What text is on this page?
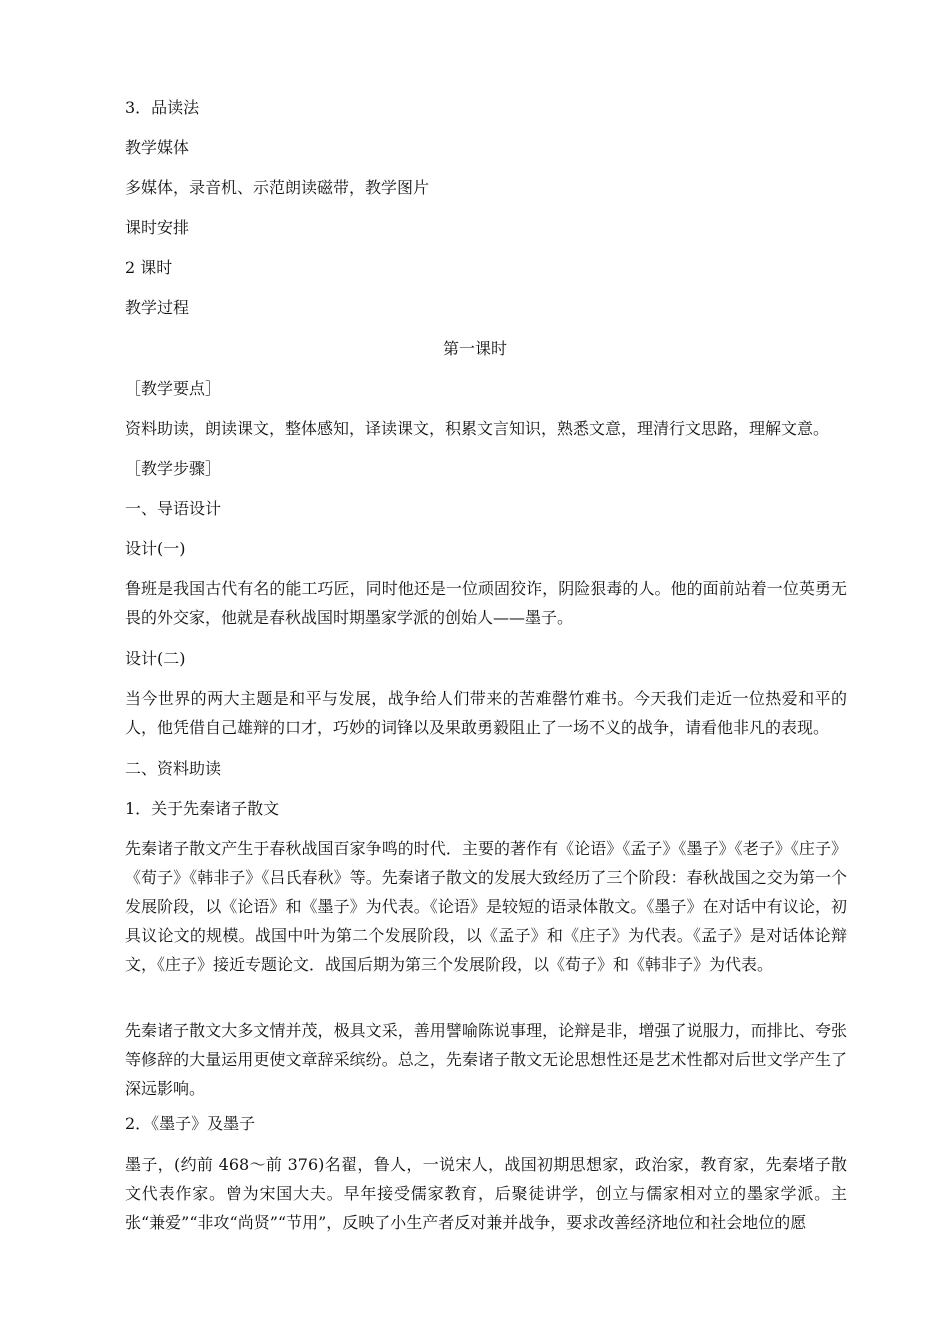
3．品读法
教学媒体
多媒体，录音机、示范朗读磁带，教学图片
课时安排
2 课时
教学过程
第一课时
［教学要点］
资料助读，朗读课文，整体感知，译读课文，积累文言知识，熟悉文意，理清行文思路，理解文意。
［教学步骤］
一、导语设计
设计(一)
鲁班是我国古代有名的能工巧匠，同时他还是一位顽固狡诈，阴险狠毒的人。他的面前站着一位英勇无畏的外交家，他就是春秋战国时期墨家学派的创始人——墨子。
设计(二)
当今世界的两大主题是和平与发展，战争给人们带来的苦难罄竹难书。今天我们走近一位热爱和平的人，他凭借自己雄辩的口才，巧妙的词锋以及果敢勇毅阻止了一场不义的战争，请看他非凡的表现。
二、资料助读
1．关于先秦诸子散文
先秦诸子散文产生于春秋战国百家争鸣的时代．主要的著作有《论语》《孟子》《墨子》《老子》《庄子》《荀子》《韩非子》《吕氏春秋》等。先秦诸子散文的发展大致经历了三个阶段：春秋战国之交为第一个发展阶段，以《论语》和《墨子》为代表。《论语》是较短的语录体散文。《墨子》在对话中有议论，初具议论文的规模。战国中叶为第二个发展阶段，以《孟子》和《庄子》为代表。《孟子》是对话体论辩文，《庄子》接近专题论文．战国后期为第三个发展阶段，以《荀子》和《韩非子》为代表。
先秦诸子散文大多文情并茂，极具文采，善用譬喻陈说事理，论辩是非，增强了说服力，而排比、夸张等修辞的大量运用更使文章辞采缤纷。总之，先秦诸子散文无论思想性还是艺术性都对后世文学产生了深远影响。
2．《墨子》及墨子
墨子，(约前 468～前 376)名翟，鲁人，一说宋人，战国初期思想家，政治家，教育家，先秦堵子散文代表作家。曾为宋国大夫。早年接受儒家教育，后聚徒讲学，创立与儒家相对立的墨家学派。主张“兼爱”“非攻“尚贤”“节用”，反映了小生产者反对兼并战争，要求改善经济地位和社会地位的愿
